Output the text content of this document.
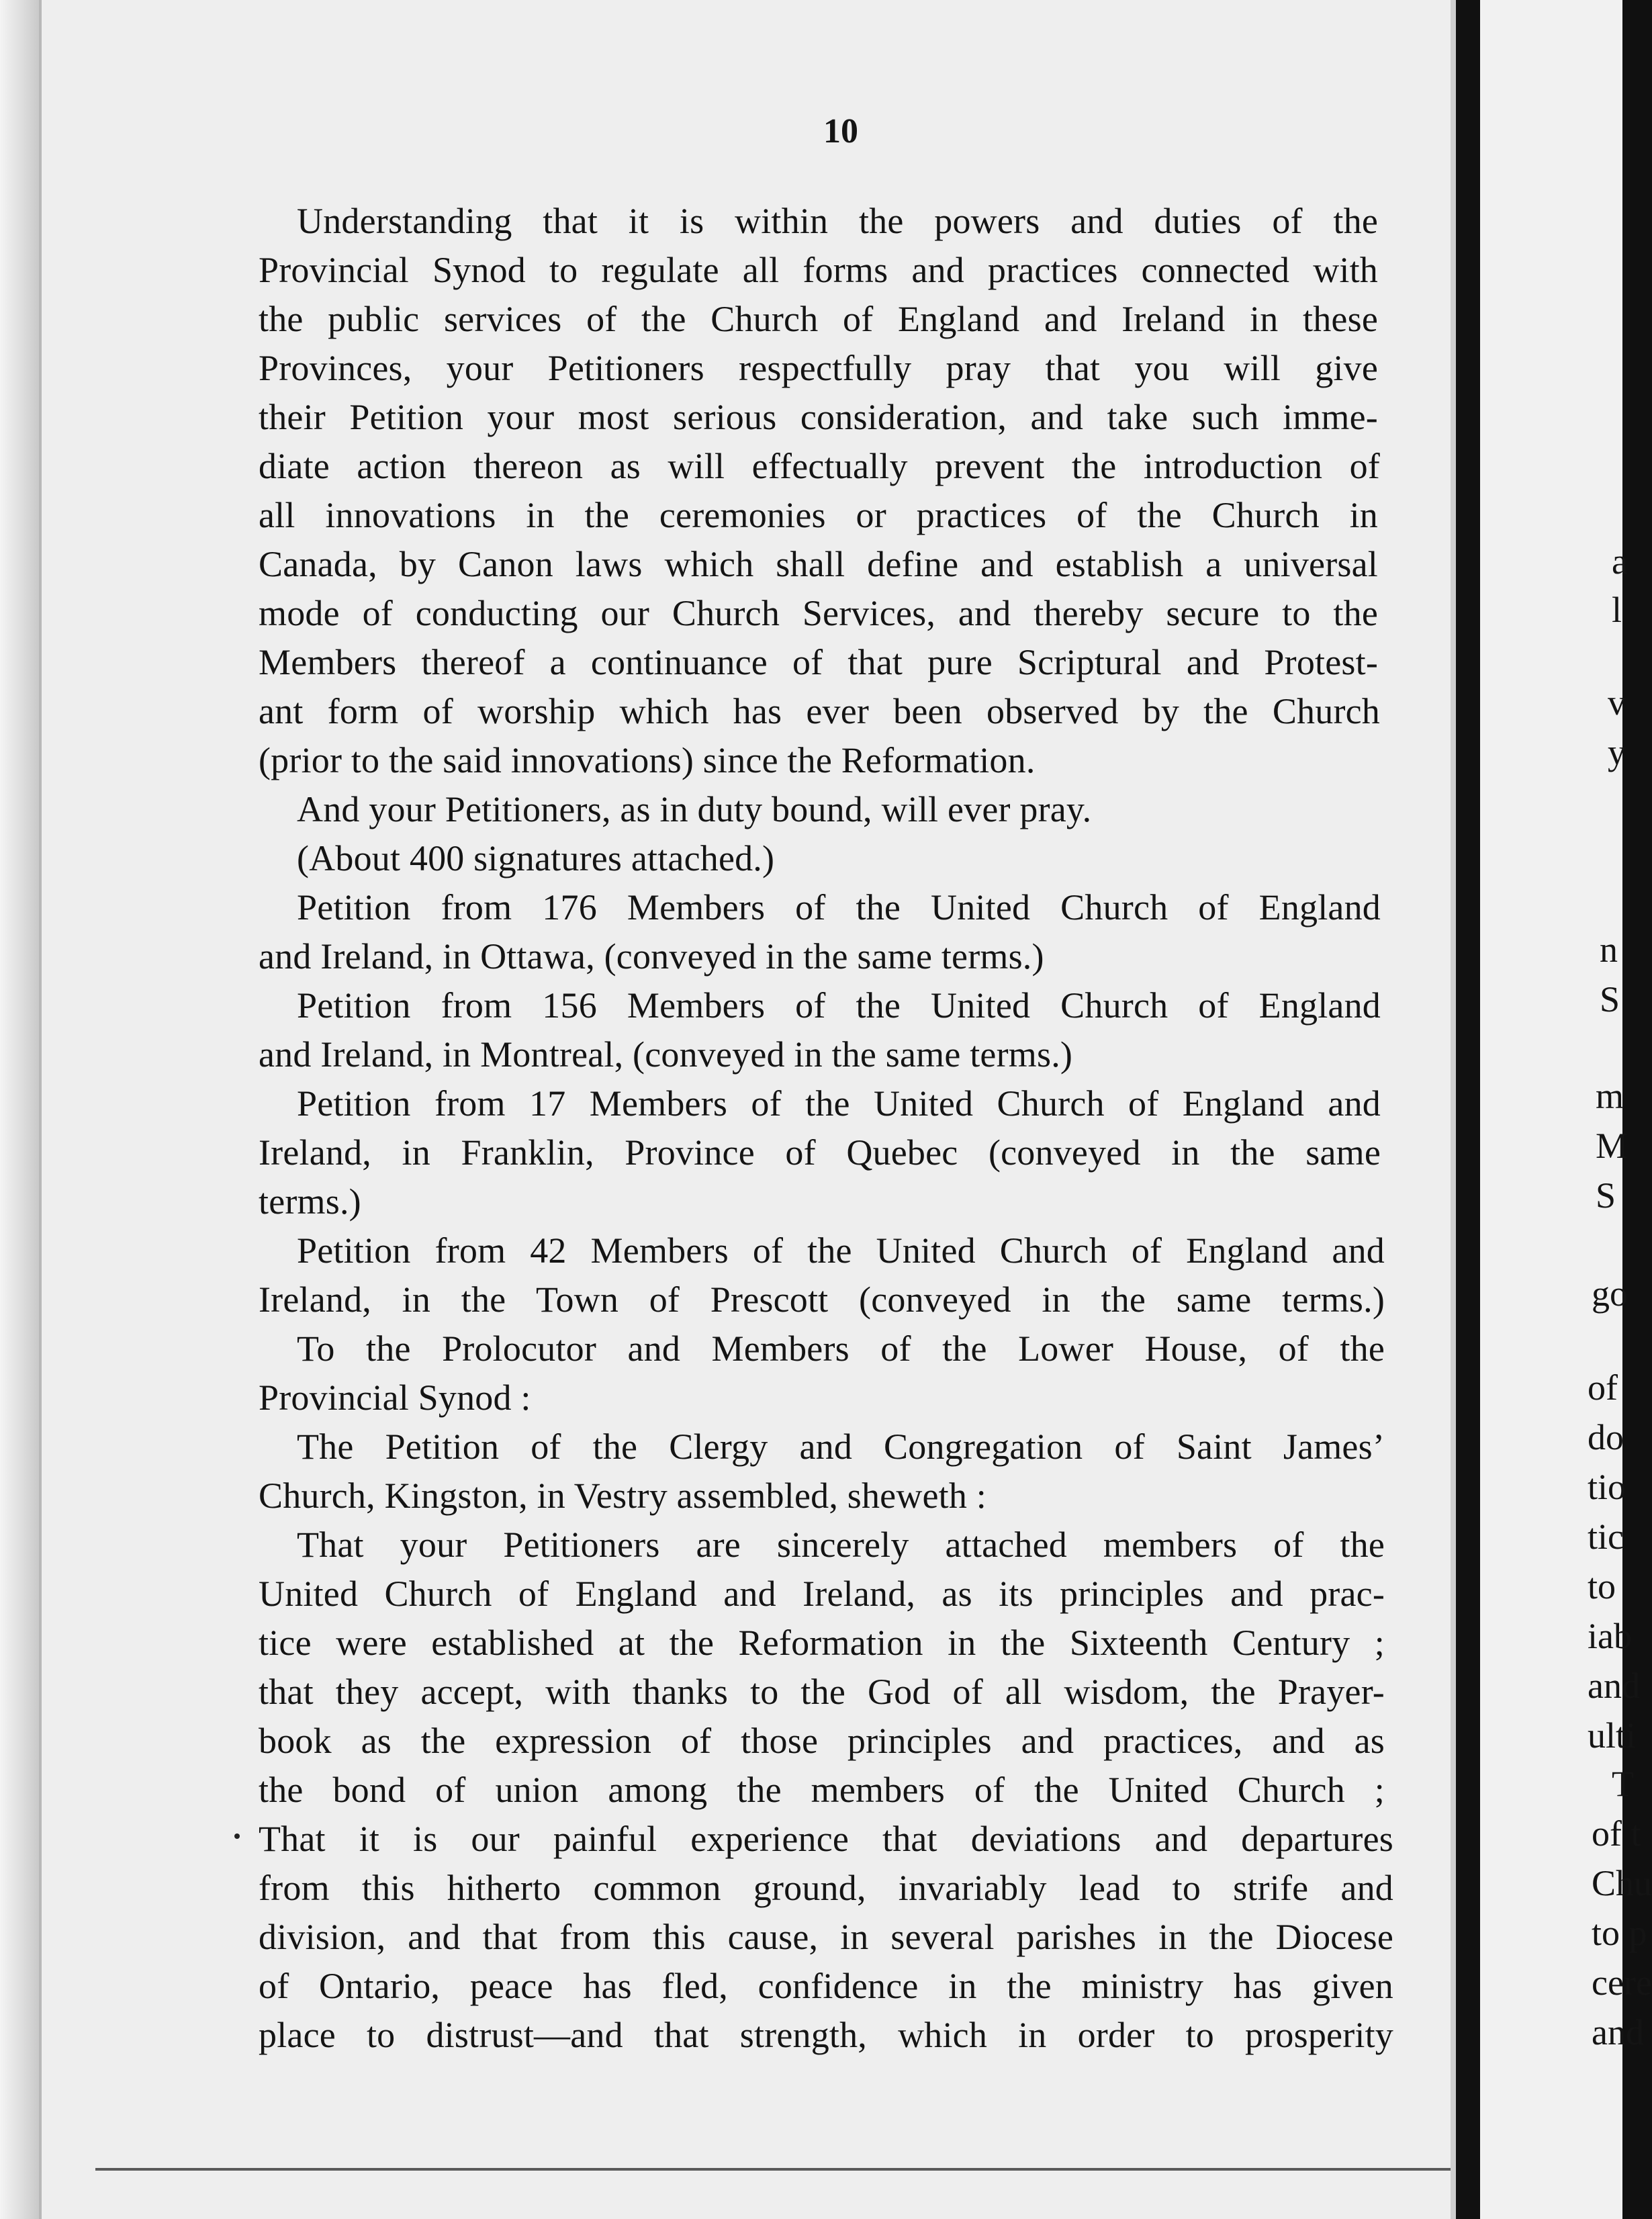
10
Understanding that it is within the powers and duties of the
Provincial Synod to regulate all forms and practices connected with
the public services of the Church of England and Ireland in these
Provinces, your Petitioners respectfully pray that you will give
their Petition your most serious consideration, and take such imme-
diate action thereon as will effectually prevent the introduction of
all innovations in the ceremonies or practices of the Church in
Canada, by Canon laws which shall define and establish a universal
mode of conducting our Church Services, and thereby secure to the
Members thereof a continuance of that pure Scriptural and Protest-
ant form of worship which has ever been observed by the Church
(prior to the said innovations) since the Reformation.
And your Petitioners, as in duty bound, will ever pray.
(About 400 signatures attached.)
Petition from 176 Members of the United Church of England
and Ireland, in Ottawa, (conveyed in the same terms.)
Petition from 156 Members of the United Church of England
and Ireland, in Montreal, (conveyed in the same terms.)
Petition from 17 Members of the United Church of England and
Ireland, in Franklin, Province of Quebec (conveyed in the same
terms.)
Petition from 42 Members of the United Church of England and
Ireland, in the Town of Prescott (conveyed in the same terms.)
To the Prolocutor and Members of the Lower House, of the
Provincial Synod :
The Petition of the Clergy and Congregation of Saint James’
Church, Kingston, in Vestry assembled, sheweth :
That your Petitioners are sincerely attached members of the
United Church of England and Ireland, as its principles and prac-
tice were established at the Reformation in the Sixteenth Century ;
that they accept, with thanks to the God of all wisdom, the Prayer-
book as the expression of those principles and practices, and as
the bond of union among the members of the United Church ;
That it is our painful experience that deviations and departures
from this hitherto common ground, invariably lead to strife and
division, and that from this cause, in several parishes in the Diocese
of Ontario, peace has fled, confidence in the ministry has given
place to distrust—and that strength, which in order to prosperity
a
l
v
y
n
S
m
M
S
go
of
do
tio
tic
to
iab
and
ulti
T
of t
Chu
to p
cere
and
